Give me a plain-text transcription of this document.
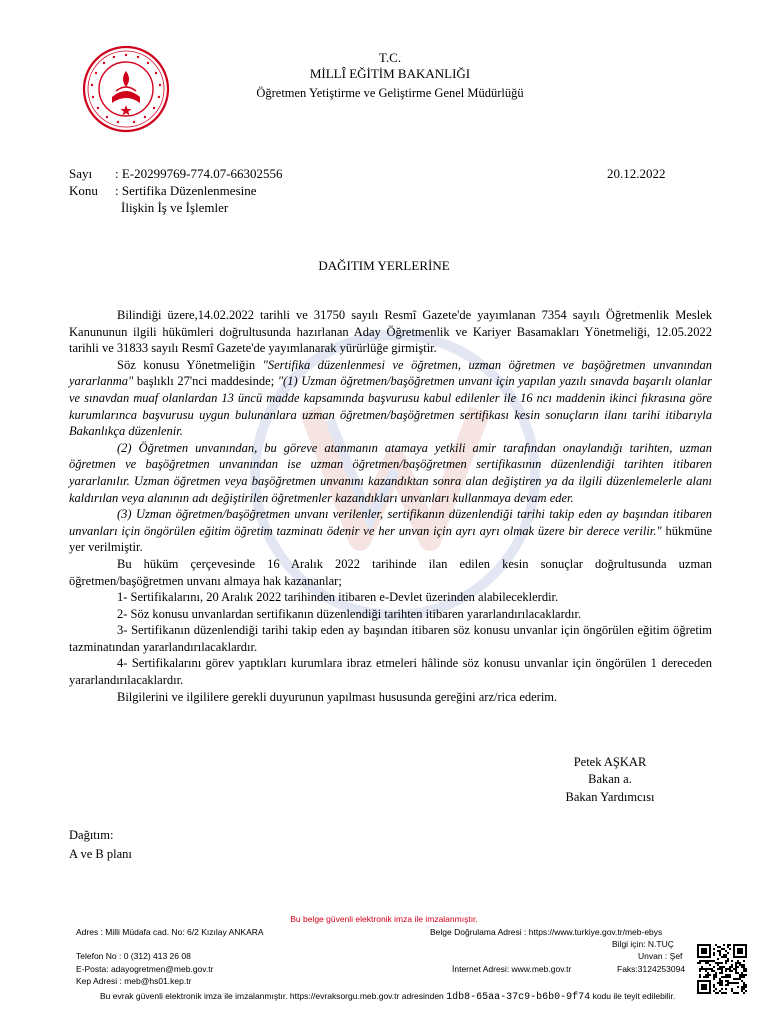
T.C.
MİLLÎ EĞİTİM BAKANLIĞI
Öğretmen Yetiştirme ve Geliştirme Genel Müdürlüğü
Sayı : E-20299769-774.07-66302556	20.12.2022
Konu : Sertifika Düzenlenmesine
İlişkin İş ve İşlemler
DAĞITIM YERLERİNE

Bilindiği üzere,14.02.2022 tarihli ve 31750 sayılı Resmî Gazete'de yayımlanan 7354 sayılı Öğretmenlik Meslek Kanununun ilgili hükümleri doğrultusunda hazırlanan Aday Öğretmenlik ve Kariyer Basamakları Yönetmeliği, 12.05.2022 tarihli ve 31833 sayılı Resmî Gazete'de yayımlanarak yürürlüğe girmiştir.

Söz konusu Yönetmeliğin "Sertifika düzenlenmesi ve öğretmen, uzman öğretmen ve başöğretmen unvanından yararlanma" başlıklı 27'nci maddesinde; "(1) Uzman öğretmen/başöğretmen unvanı için yapılan yazılı sınavda başarılı olanlar ve sınavdan muaf olanlardan 13 üncü madde kapsamında başvurusu kabul edilenler ile 16 ncı maddenin ikinci fıkrasına göre kurumlarınca başvurusu uygun bulunanlara uzman öğretmen/başöğretmen sertifikası kesin sonuçların ilanı tarihi itibarıyla Bakanlıkça düzenlenir.

(2) Öğretmen unvanından, bu göreve atanmanın atamaya yetkili amir tarafından onaylandığı tarihten, uzman öğretmen ve başöğretmen unvanından ise uzman öğretmen/başöğretmen sertifikasının düzenlendiği tarihten itibaren yararlanılır. Uzman öğretmen veya başöğretmen unvanını kazandıktan sonra alan değiştiren ya da ilgili düzenlemelerle alanı kaldırılan veya alanının adı değiştirilen öğretmenler kazandıkları unvanları kullanmaya devam eder.

(3) Uzman öğretmen/başöğretmen unvanı verilenler, sertifikanın düzenlendiği tarihi takip eden ay başından itibaren unvanları için öngörülen eğitim öğretim tazminatı ödenir ve her unvan için ayrı ayrı olmak üzere bir derece verilir." hükmüne yer verilmiştir.

Bu hüküm çerçevesinde 16 Aralık 2022 tarihinde ilan edilen kesin sonuçlar doğrultusunda uzman öğretmen/başöğretmen unvanı almaya hak kazananlar;

1- Sertifikalarını, 20 Aralık 2022 tarihinden itibaren e-Devlet üzerinden alabileceklerdir.

2- Söz konusu unvanlardan sertifikanın düzenlendiği tarihten itibaren yararlandırılacaklardır.

3- Sertifikanın düzenlendiği tarihi takip eden ay başından itibaren söz konusu unvanlar için öngörülen eğitim öğretim tazminatından yararlandırılacaklardır.

4- Sertifikalarını görev yaptıkları kurumlara ibraz etmeleri hâlinde söz konusu unvanlar için öngörülen 1 dereceden yararlandırılacaklardır.

Bilgilerini ve ilgililere gerekli duyurunun yapılması hususunda gereğini arz/rica ederim.

Petek AŞKAR
Bakan a.
Bakan Yardımcısı
Dağıtım:
A ve B planı
Bu belge güvenli elektronik imza ile imzalanmıştır.
Adres : Milli Müdafa cad. No: 6/2 Kızılay ANKARA	Belge Doğrulama Adresi : https://www.turkiye.gov.tr/meb-ebys
Bilgi için: N.TUÇ
Telefon No : 0 (312) 413 26 08	Unvan : Şef
E-Posta: adayogretmen@meb.gov.tr	İnternet Adresi: www.meb.gov.tr	Faks:3124253094
Kep Adresi : meb@hs01.kep.tr
Bu evrak güvenli elektronik imza ile imzalanmıştır. https://evraksorgu.meb.gov.tr adresinden 1db8-65aa-37c9-b6b0-9f74 kodu ile teyit edilebilir.
